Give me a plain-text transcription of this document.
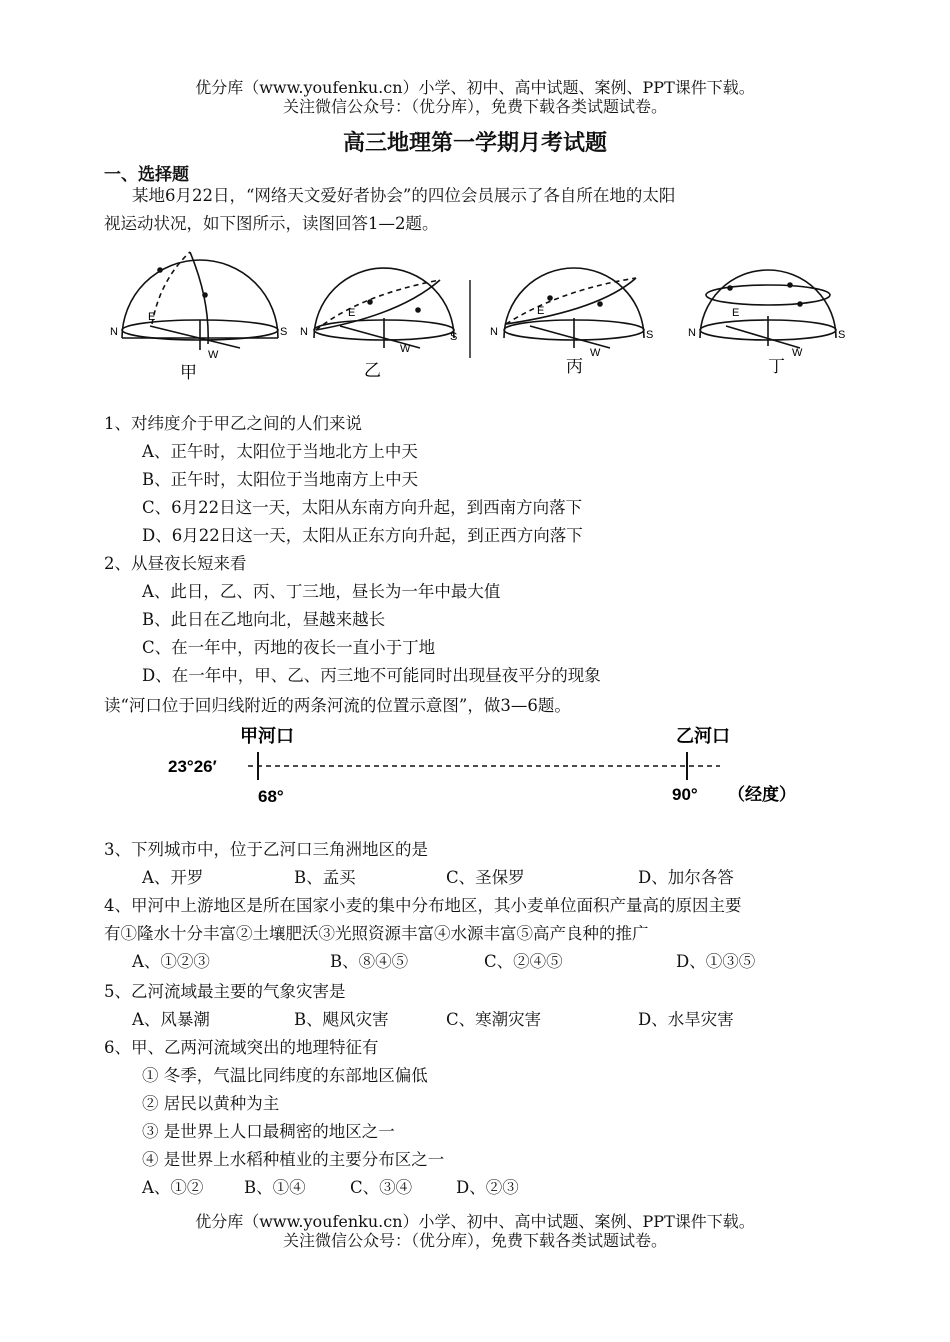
优分库（www.youfenku.cn）小学、初中、高中试题、案例、PPT课件下载。
关注微信公众号：（优分库），免费下载各类试题试卷。
高三地理第一学期月考试题
一、选择题
某地6月22日，“网络天文爱好者协会”的四位会员展示了各自所在地的太阳
视运动状况，如下图所示，读图回答1—2题。
N	S
E
W
甲
N	S
E
W
乙
N	S
E
W
丙
N	S
E
W
丁
1、对纬度介于甲乙之间的人们来说
A、正午时，太阳位于当地北方上中天
B、正午时，太阳位于当地南方上中天
C、6月22日这一天，太阳从东南方向升起，到西南方向落下
D、6月22日这一天，太阳从正东方向升起，到正西方向落下
2、从昼夜长短来看
A、此日，乙、丙、丁三地，昼长为一年中最大值
B、此日在乙地向北，昼越来越长
C、在一年中，丙地的夜长一直小于丁地
D、在一年中，甲、乙、丙三地不可能同时出现昼夜平分的现象
读“河口位于回归线附近的两条河流的位置示意图”，做3—6题。
甲河口	乙河口
23°26′
68°	90° （经度）
3、下列城市中，位于乙河口三角洲地区的是
A、开罗	B、孟买	C、圣保罗	D、加尔各答
4、甲河中上游地区是所在国家小麦的集中分布地区，其小麦单位面积产量高的原因主要
有①隆水十分丰富②土壤肥沃③光照资源丰富④水源丰富⑤高产良种的推广
A、①②③	B、⑧④⑤	C、②④⑤	D、①③⑤
5、乙河流域最主要的气象灾害是
A、风暴潮	B、飓风灾害	C、寒潮灾害	D、水旱灾害
6、甲、乙两河流域突出的地理特征有
① 冬季，气温比同纬度的东部地区偏低
② 居民以黄种为主
③ 是世界上人口最稠密的地区之一
④ 是世界上水稻种植业的主要分布区之一
A、①② B、①④	C、③④	D、②③
优分库（www.youfenku.cn）小学、初中、高中试题、案例、PPT课件下载。
关注微信公众号：（优分库），免费下载各类试题试卷。
